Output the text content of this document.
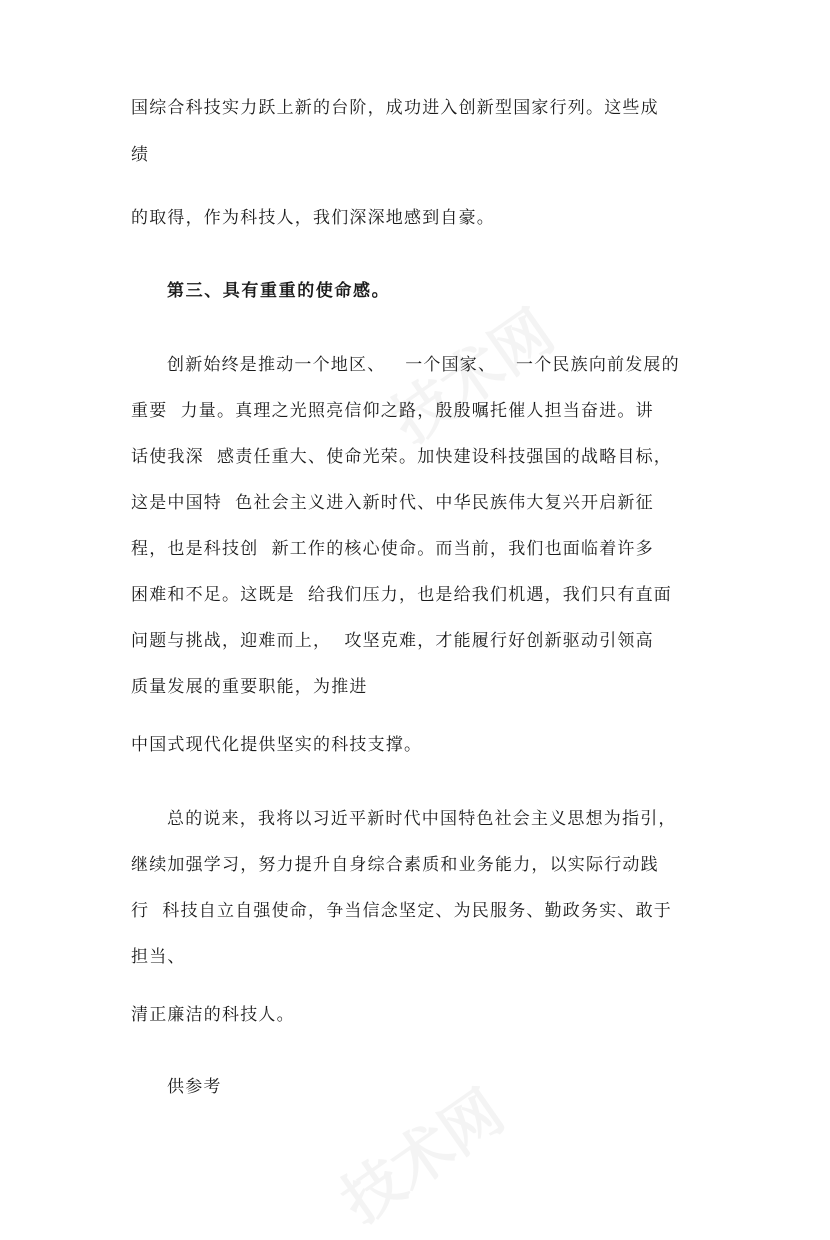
国综合科技实力跃上新的台阶，成功进入创新型国家行列。这些成
绩
的取得，作为科技人，我们深深地感到自豪。
第三、具有重重的使命感。
创新始终是推动一个地区、   一个国家、   一个民族向前发展的
重要  力量。真理之光照亮信仰之路，殷殷嘱托催人担当奋进。讲
话使我深  感责任重大、使命光荣。加快建设科技强国的战略目标，
这是中国特  色社会主义进入新时代、中华民族伟大复兴开启新征
程，也是科技创  新工作的核心使命。而当前，我们也面临着许多
困难和不足。这既是  给我们压力，也是给我们机遇，我们只有直面
问题与挑战，迎难而上，  攻坚克难，才能履行好创新驱动引领高
质量发展的重要职能，为推进
中国式现代化提供坚实的科技支撑。
总的说来，我将以习近平新时代中国特色社会主义思想为指引，
继续加强学习，努力提升自身综合素质和业务能力，以实际行动践
行  科技自立自强使命，争当信念坚定、为民服务、勤政务实、敢于
担当、
清正廉洁的科技人。
供参考
